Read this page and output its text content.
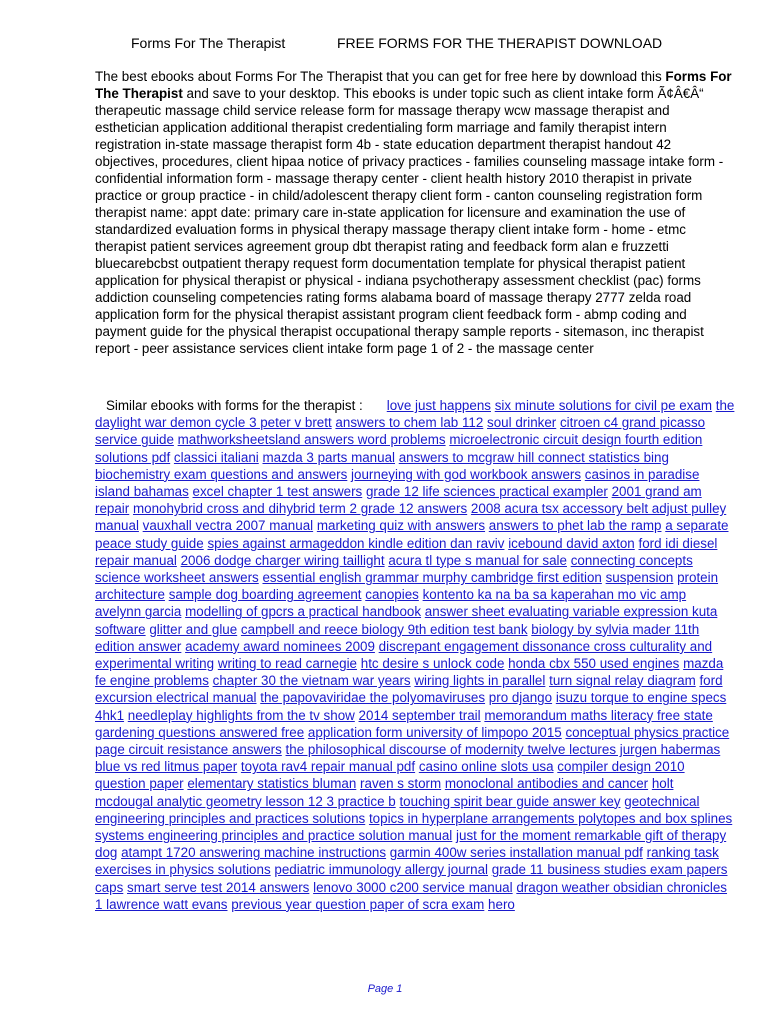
Forms For The Therapist	FREE FORMS FOR THE THERAPIST DOWNLOAD

The best ebooks about Forms For The Therapist that you can get for free here by download this Forms For The Therapist and save to your desktop. This ebooks is under topic such as client intake form Ã¢Â€Â“ therapeutic massage child service release form for massage therapy wcw massage therapist and esthetician application additional therapist credentialing form marriage and family therapist intern registration in-state massage therapist form 4b - state education department therapist handout 42 objectives, procedures, client hipaa notice of privacy practices - families counseling massage intake form - confidential information form - massage therapy center - client health history 2010 therapist in private practice or group practice - in child/adolescent therapy client form - canton counseling registration form therapist name: appt date: primary care in-state application for licensure and examination the use of standardized evaluation forms in physical therapy massage therapy client intake form - home - etmc therapist patient services agreement group dbt therapist rating and feedback form alan e fruzzetti bluecarebcbst outpatient therapy request form documentation template for physical therapist patient application for physical therapist or physical - indiana psychotherapy assessment checklist (pac) forms addiction counseling competencies rating forms alabama board of massage therapy 2777 zelda road application form for the physical therapist assistant program client feedback form - abmp coding and payment guide for the physical therapist occupational therapy sample reports - sitemason, inc therapist report - peer assistance services client intake form page 1 of 2 - the massage center

Similar ebooks with forms for the therapist : love just happens six minute solutions for civil pe exam the daylight war demon cycle 3 peter v brett answers to chem lab 112 soul drinker citroen c4 grand picasso service guide mathworksheetsland answers word problems microelectronic circuit design fourth edition solutions pdf classici italiani mazda 3 parts manual answers to mcgraw hill connect statistics bing biochemistry exam questions and answers journeying with god workbook answers casinos in paradise island bahamas excel chapter 1 test answers grade 12 life sciences practical exampler 2001 grand am repair monohybrid cross and dihybrid term 2 grade 12 answers 2008 acura tsx accessory belt adjust pulley manual vauxhall vectra 2007 manual marketing quiz with answers answers to phet lab the ramp a separate peace study guide spies against armageddon kindle edition dan raviv icebound david axton ford idi diesel repair manual 2006 dodge charger wiring taillight acura tl type s manual for sale connecting concepts science worksheet answers essential english grammar murphy cambridge first edition suspension protein architecture sample dog boarding agreement canopies kontento ka na ba sa kaperahan mo vic amp avelynn garcia modelling of gpcrs a practical handbook answer sheet evaluating variable expression kuta software glitter and glue campbell and reece biology 9th edition test bank biology by sylvia mader 11th edition answer academy award nominees 2009 discrepant engagement dissonance cross culturality and experimental writing writing to read carnegie htc desire s unlock code honda cbx 550 used engines mazda fe engine problems chapter 30 the vietnam war years wiring lights in parallel turn signal relay diagram ford excursion electrical manual the papovaviridae the polyomaviruses pro django isuzu torque to engine specs 4hk1 needleplay highlights from the tv show 2014 september trail memorandum maths literacy free state gardening questions answered free application form university of limpopo 2015 conceptual physics practice page circuit resistance answers the philosophical discourse of modernity twelve lectures jurgen habermas blue vs red litmus paper toyota rav4 repair manual pdf casino online slots usa compiler design 2010 question paper elementary statistics bluman raven s storm monoclonal antibodies and cancer holt mcdougal analytic geometry lesson 12 3 practice b touching spirit bear guide answer key geotechnical engineering principles and practices solutions topics in hyperplane arrangements polytopes and box splines systems engineering principles and practice solution manual just for the moment remarkable gift of therapy dog atampt 1720 answering machine instructions garmin 400w series installation manual pdf ranking task exercises in physics solutions pediatric immunology allergy journal grade 11 business studies exam papers caps smart serve test 2014 answers lenovo 3000 c200 service manual dragon weather obsidian chronicles 1 lawrence watt evans previous year question paper of scra exam hero

Page 1
